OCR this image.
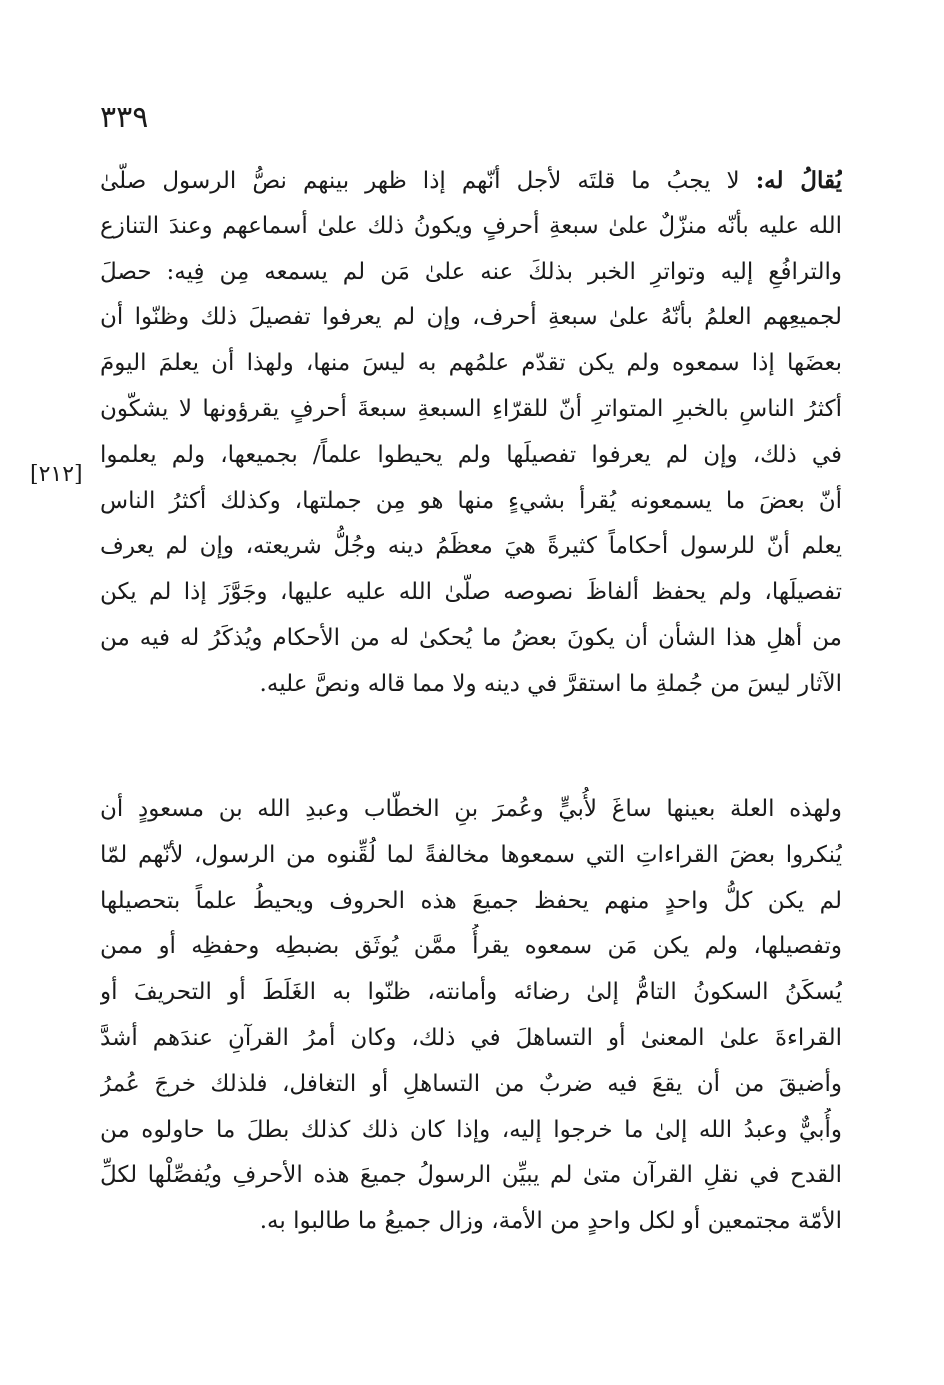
٣٣٩
[٢١٢]
يُقالُ له: لا يجبُ ما قلتَه لأجل أنّهم إذا ظهر بينهم نصُّ الرسول صلّىٰ
الله عليه بأنّه منزّلٌ علىٰ سبعةِ أحرفٍ ويكونُ ذلك علىٰ أسماعهم وعندَ التنازع
والترافُعِ إليه وتواترِ الخبر بذلكَ عنه علىٰ مَن لم يسمعه مِن فِيه: حصلَ
لجميعِهم العلمُ بأنّهُ علىٰ سبعةِ أحرف، وإن لم يعرفوا تفصيلَ ذلك وظنّوا أن
بعضَها إذا سمعوه ولم يكن تقدّم علمُهم به ليسَ منها، ولهذا أن يعلمَ اليومَ
أكثرُ الناسِ بالخبرِ المتواترِ أنّ للقرّاءِ السبعةِ سبعةَ أحرفٍ يقرؤونها لا يشكّون
في ذلك، وإن لم يعرفوا تفصيلَها ولم يحيطوا علماً/ بجميعها، ولم يعلموا
أنّ بعضَ ما يسمعونه يُقرأ بشيءٍ منها هو مِن جملتها، وكذلك أكثرُ الناس
يعلم أنّ للرسول أحكاماً كثيرةً هيَ معظَمُ دينه وجُلُّ شريعته، وإن لم يعرف
تفصيلَها، ولم يحفظ ألفاظَ نصوصه صلّىٰ الله عليه عليها، وجَوَّزَ إذا لم يكن
من أهلِ هذا الشأن أن يكونَ بعضُ ما يُحكىٰ له من الأحكام ويُذكَرُ له فيه من
الآثار ليسَ من جُملةِ ما استقرَّ في دينه ولا مما قاله ونصَّ عليه.
ولهذه العلة بعينها ساغَ لأُبيٍّ وعُمرَ بنِ الخطّاب وعبدِ الله بن مسعودٍ أن
يُنكروا بعضَ القراءاتِ التي سمعوها مخالفةً لما لُقِّنوه من الرسول، لأنّهم لمّا
لم يكن كلُّ واحدٍ منهم يحفظ جميعَ هذه الحروف ويحيطُ علماً بتحصيلها
وتفصيلها، ولم يكن مَن سمعوه يقرأُ ممَّن يُوثَق بضبطِه وحفظِه أو ممن
يُسكَنُ السكونُ التامُّ إلىٰ رضائه وأمانته، ظنّوا به الغَلَطَ أو التحريفَ أو
القراءةَ علىٰ المعنىٰ أو التساهلَ في ذلك، وكان أمرُ القرآنِ عندَهم أشدَّ
وأضيقَ من أن يقعَ فيه ضربٌ من التساهلِ أو التغافل، فلذلك خرجَ عُمرُ
وأُبيٌّ وعبدُ الله إلىٰ ما خرجوا إليه، وإذا كان ذلك كذلك بطلَ ما حاولوه من
القدح في نقلِ القرآن متىٰ لم يبيِّن الرسولُ جميعَ هذه الأحرفِ ويُفصِّلْها لكلِّ
الأمّة مجتمعين أو لكل واحدٍ من الأمة، وزال جميعُ ما طالبوا به.
